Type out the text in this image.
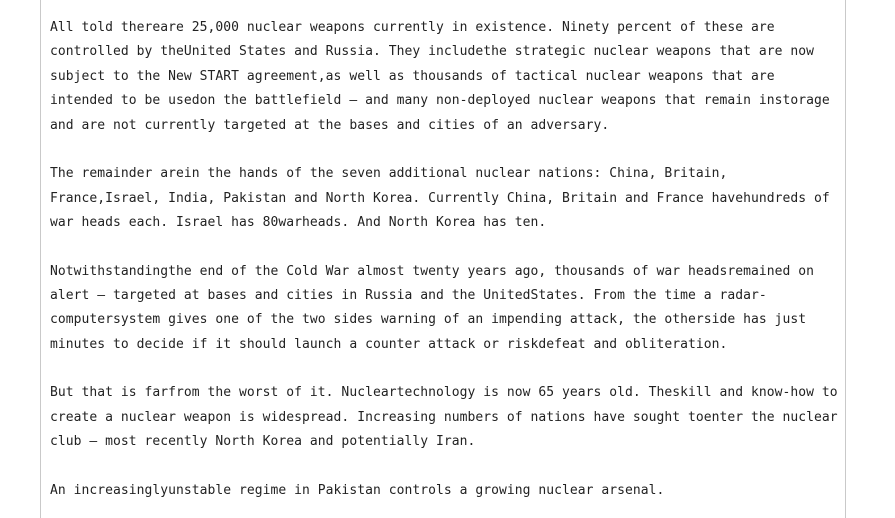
All told thereare 25,000 nuclear weapons currently in existence. Ninety percent of these are controlled by theUnited States and Russia. They includethe strategic nuclear weapons that are now subject to the New START agreement,as well as thousands of tactical nuclear weapons that are intended to be usedon the battlefield — and many non-deployed nuclear weapons that remain instorage and are not currently targeted at the bases and cities of an adversary.

The remainder arein the hands of the seven additional nuclear nations: China, Britain, France,Israel, India, Pakistan and North Korea. Currently China, Britain and France havehundreds of war heads each. Israel has 80warheads. And North Korea has ten.

Notwithstandingthe end of the Cold War almost twenty years ago, thousands of war headsremained on alert — targeted at bases and cities in Russia and the UnitedStates. From the time a radar-computersystem gives one of the two sides warning of an impending attack, the otherside has just minutes to decide if it should launch a counter attack or riskdefeat and obliteration.

But that is farfrom the worst of it. Nucleartechnology is now 65 years old. Theskill and know-how to create a nuclear weapon is widespread. Increasing numbers of nations have sought toenter the nuclear club — most recently North Korea and potentially Iran.

An increasinglyunstable regime in Pakistan controls a growing nuclear arsenal.
